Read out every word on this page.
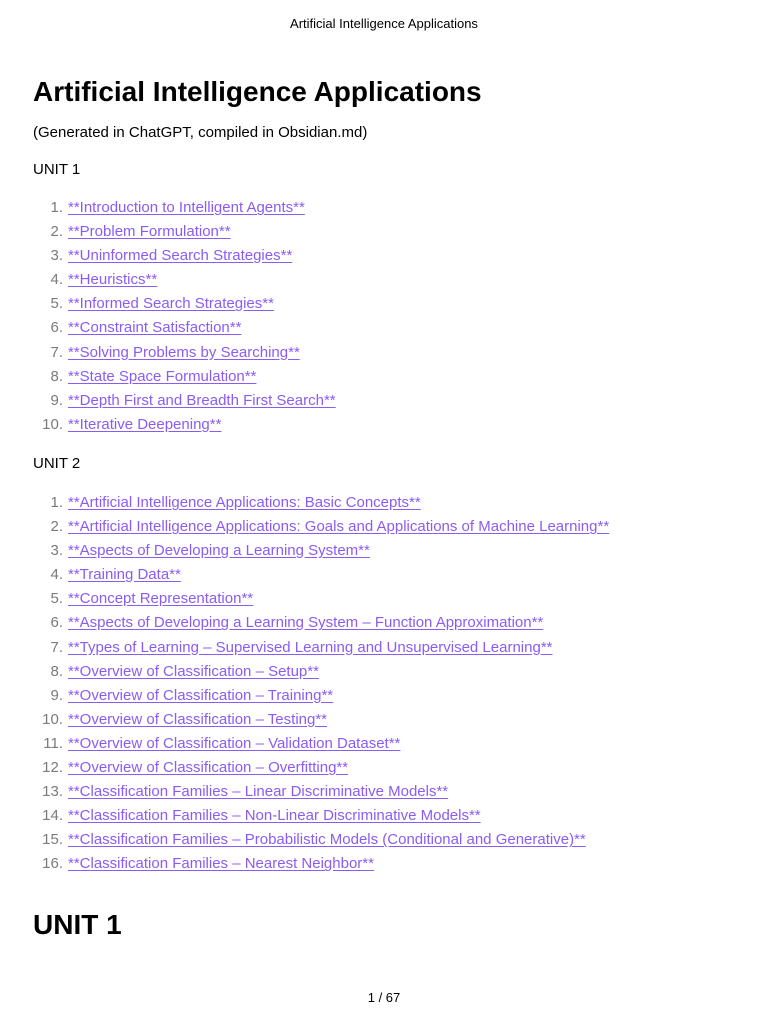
Artificial Intelligence Applications
Artificial Intelligence Applications

(Generated in ChatGPT, compiled in Obsidian.md)

UNIT 1

1. **Introduction to Intelligent Agents**
2. **Problem Formulation**
3. **Uninformed Search Strategies**
4. **Heuristics**
5. **Informed Search Strategies**
6. **Constraint Satisfaction**
7. **Solving Problems by Searching**
8. **State Space Formulation**
9. **Depth First and Breadth First Search**
10. **Iterative Deepening**

UNIT 2

1. **Artificial Intelligence Applications: Basic Concepts**
2. **Artificial Intelligence Applications: Goals and Applications of Machine Learning**
3. **Aspects of Developing a Learning System**
4. **Training Data**
5. **Concept Representation**
6. **Aspects of Developing a Learning System – Function Approximation**
7. **Types of Learning – Supervised Learning and Unsupervised Learning**
8. **Overview of Classification – Setup**
9. **Overview of Classification – Training**
10. **Overview of Classification – Testing**
11. **Overview of Classification – Validation Dataset**
12. **Overview of Classification – Overfitting**
13. **Classification Families – Linear Discriminative Models**
14. **Classification Families – Non-Linear Discriminative Models**
15. **Classification Families – Probabilistic Models (Conditional and Generative)**
16. **Classification Families – Nearest Neighbor**
UNIT 1
1 / 67
